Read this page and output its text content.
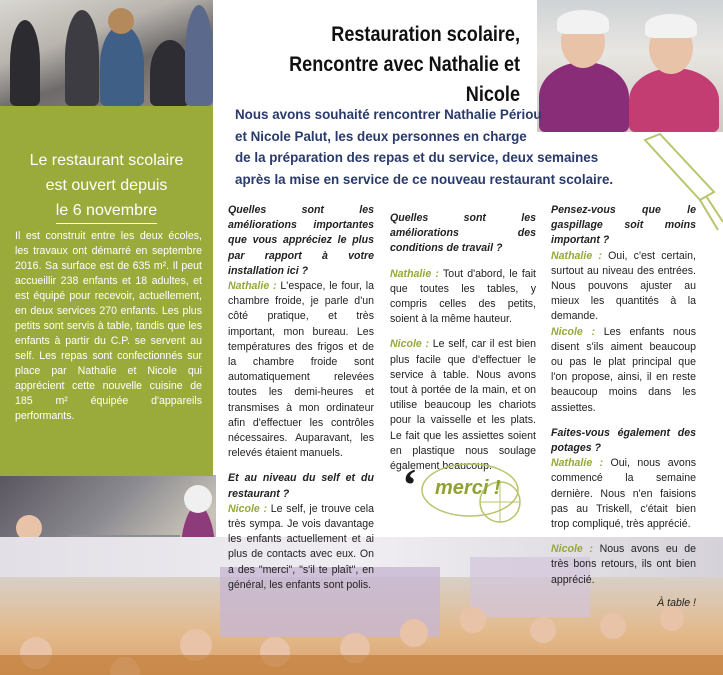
Le restaurant scolaire
est ouvert depuis
le 6 novembre
Il est construit entre les deux écoles, les travaux ont démarré en septembre 2016. Sa surface est de 635 m². Il peut accueillir 238 enfants et 18 adultes, et est équipé pour recevoir, actuellement, en deux services 270 enfants. Les plus petits sont servis à table, tandis que les enfants à partir du C.P. se servent au self. Les repas sont confectionnés sur place par Nathalie et Nicole qui apprécient cette nouvelle cuisine de 185 m² équipée d'appareils performants.
Restauration scolaire,
Rencontre avec Nathalie et Nicole
Nous avons souhaité rencontrer Nathalie Périou
et Nicole Palut, les deux personnes en charge
de la préparation des repas et du service, deux semaines
après la mise en service de ce nouveau restaurant scolaire.
Quelles sont les améliorations importantes que vous appréciez le plus par rapport à votre installation ici ?
Nathalie : L'espace, le four, la chambre froide, je parle d'un côté pratique, et très important, mon bureau. Les températures des frigos et de la chambre froide sont automatiquement relevées toutes les demi-heures et transmises à mon ordinateur afin d'effectuer les contrôles nécessaires. Auparavant, les relevés étaient manuels.
Et au niveau du self et du restaurant ?
Nicole : Le self, je trouve cela très sympa. Je vois davantage les enfants actuellement et ai plus de contacts avec eux. On a des "merci", "s'il te plaît", en général, les enfants sont polis.
Quelles sont les améliorations des conditions de travail ?
Nathalie : Tout d'abord, le fait que toutes les tables, y compris celles des petits, soient à la même hauteur.
Nicole : Le self, car il est bien plus facile que d'effectuer le service à table. Nous avons tout à portée de la main, et on utilise beaucoup les chariots pour la vaisselle et les plats. Le fait que les assiettes soient en plastique nous soulage également beaucoup.
‘ merci !
Pensez-vous que le gaspillage soit moins important ?
Nathalie : Oui, c'est certain, surtout au niveau des entrées. Nous pouvons ajuster au mieux les quantités à la demande.
Nicole : Les enfants nous disent s'ils aiment beaucoup ou pas le plat principal que l'on propose, ainsi, il en reste beaucoup moins dans les assiettes.
Faites-vous également des potages ?
Nathalie : Oui, nous avons commencé la semaine dernière. Nous n'en faisions pas au Triskell, c'était bien trop compliqué, très apprécié.
Nicole : Nous avons eu de très bons retours, ils ont bien apprécié.
À table !
